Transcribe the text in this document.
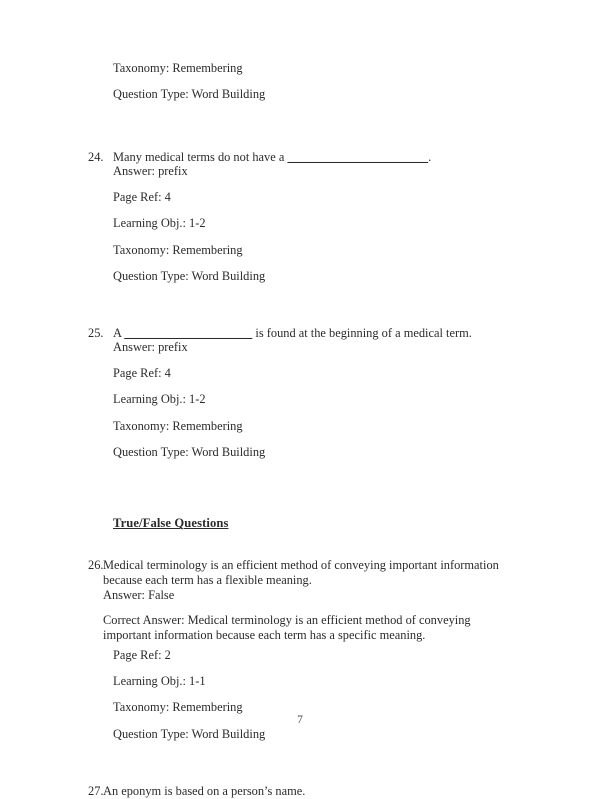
Taxonomy: Remembering
Question Type: Word Building
24. Many medical terms do not have a ______________________.
Answer: prefix
Page Ref: 4
Learning Obj.: 1-2
Taxonomy: Remembering
Question Type: Word Building
25. A ____________________ is found at the beginning of a medical term.
Answer: prefix
Page Ref: 4
Learning Obj.: 1-2
Taxonomy: Remembering
Question Type: Word Building
True/False Questions
26. Medical terminology is an efficient method of conveying important information because each term has a flexible meaning.
Answer: False
Correct Answer: Medical terminology is an efficient method of conveying important information because each term has a specific meaning.
Page Ref: 2
Learning Obj.: 1-1
Taxonomy: Remembering
Question Type: Word Building
27. An eponym is based on a person’s name.
7
